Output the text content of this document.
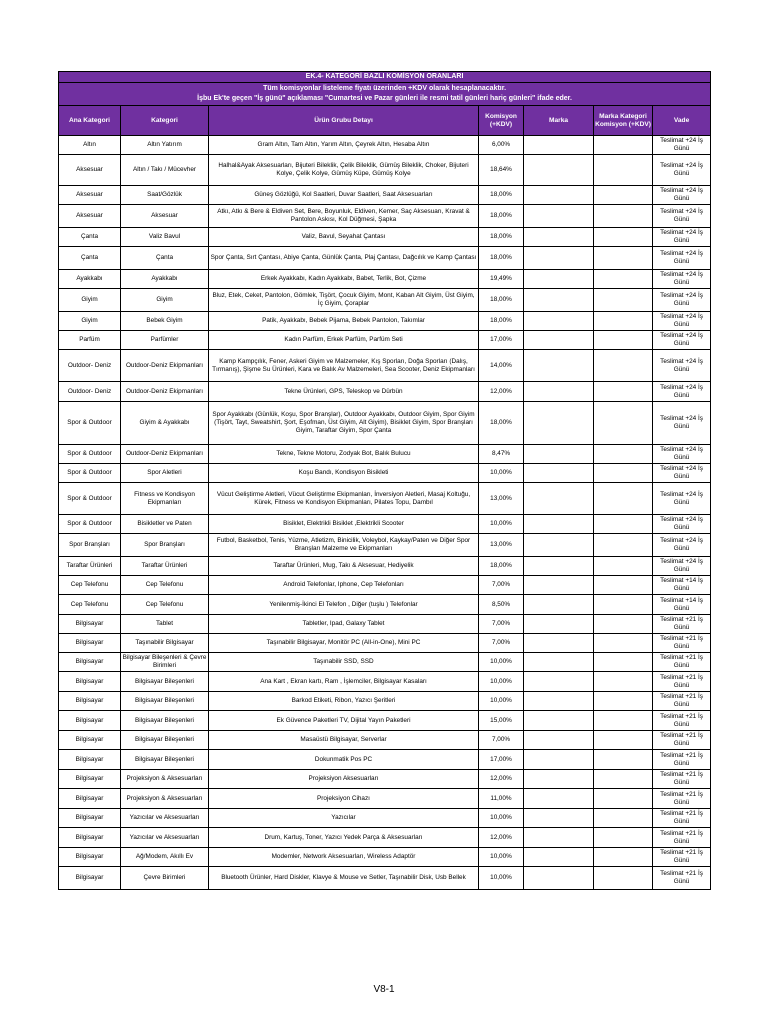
EK.4- KATEGORİ BAZLI KOMİSYON ORANLARI						

Tüm komisyonlar listeleme fiyatı üzerinden +KDV olarak hesaplanacaktır.
İşbu Ek'te geçen "İş günü" açıklaması "Cumartesi ve Pazar günleri ile resmi tatil günleri hariç günleri" ifade eder.						

Ana Kategori	Kategori	Ürün Grubu Detayı	Komisyon (+KDV)	Marka	Marka Kategori Komisyon (+KDV)	Vade
Altın	Altın Yatırım	Gram Altın, Tam Altın, Yarım Altın, Çeyrek Altın, Hesaba Altın	6,00%			Teslimat +24 İş Günü
Aksesuar	Altın / Takı / Mücevher	Halhal&Ayak Aksesuarları, Bijuteri Bileklik, Çelik Bileklik, Gümüş Bileklik, Choker, Bijuteri Kolye, Çelik Kolye, Gümüş Küpe, Gümüş Kolye	18,64%			Teslimat +24 İş Günü
Aksesuar	Saat/Gözlük	Güneş Gözlüğü, Kol Saatleri, Duvar Saatleri, Saat Aksesuarları	18,00%			Teslimat +24 İş Günü
Aksesuar	Aksesuar	Atkı, Atkı & Bere & Eldiven Set, Bere, Boyunluk, Eldiven, Kemer, Saç Aksesuarı, Kravat & Pantolon Askısı, Kol Düğmesi, Şapka	18,00%			Teslimat +24 İş Günü
Çanta	Valiz Bavul	Valiz, Bavul, Seyahat Çantası	18,00%			Teslimat +24 İş Günü
Çanta	Çanta	Spor Çanta, Sırt Çantası, Abiye Çanta, Günlük Çanta, Plaj Çantası, Dağcılık ve Kamp Çantası	18,00%			Teslimat +24 İş Günü
Ayakkabı	Ayakkabı	Erkek Ayakkabı, Kadın Ayakkabı, Babet, Terlik, Bot, Çizme	19,49%			Teslimat +24 İş Günü
Giyim	Giyim	Bluz, Etek, Ceket, Pantolon, Gömlek, Tişört, Çocuk Giyim, Mont, Kaban Alt Giyim, Üst Giyim, İç Giyim, Çoraplar	18,00%			Teslimat +24 İş Günü
Giyim	Bebek Giyim	Patik, Ayakkabı, Bebek Pijama, Bebek Pantolon, Takımlar	18,00%			Teslimat +24 İş Günü
Parfüm	Parfümler	Kadın Parfüm, Erkek Parfüm, Parfüm Seti	17,00%			Teslimat +24 İş Günü
Outdoor- Deniz	Outdoor-Deniz Ekipmanları	Kamp Kampçılık, Fener, Askeri Giyim ve Malzemeler, Kış Sporları, Doğa Sporları (Dalış, Tırmanış), Şişme Su Ürünleri, Kara ve Balık Av Malzemeleri, Sea Scooter, Deniz Ekipmanları	14,00%			Teslimat +24 İş Günü
Outdoor- Deniz	Outdoor-Deniz Ekipmanları	Tekne Ürünleri, GPS, Teleskop ve Dürbün	12,00%			Teslimat +24 İş Günü
Spor & Outdoor	Giyim & Ayakkabı	Spor Ayakkabı (Günlük, Koşu, Spor Branşlar), Outdoor Ayakkabı, Outdoor Giyim, Spor Giyim (Tişört, Tayt, Sweatshirt, Şort, Eşofman, Üst Giyim, Alt Giyim), Bisiklet Giyim, Spor Branşları Giyim, Taraftar Giyim, Spor Çanta	18,00%			Teslimat +24 İş Günü
Spor & Outdoor	Outdoor-Deniz Ekipmanları	Tekne, Tekne Motoru, Zodyak Bot, Balık Bulucu	8,47%			Teslimat +24 İş Günü
Spor & Outdoor	Spor Aletleri	Koşu Bandı, Kondisyon Bisikleti	10,00%			Teslimat +24 İş Günü
Spor & Outdoor	Fitness ve Kondisyon Ekipmanları	Vücut Geliştirme Aletleri, Vücut Geliştirme Ekipmanları, İnversiyon Aletleri, Masaj Koltuğu, Kürek, Fitness ve Kondisyon Ekipmanları, Pilates Topu, Dambıl	13,00%			Teslimat +24 İş Günü
Spor & Outdoor	Bisikletler ve Paten	Bisiklet, Elektrikli Bisiklet ,Elektrikli Scooter	10,00%			Teslimat +24 İş Günü
Spor Branşları	Spor Branşları	Futbol, Basketbol, Tenis, Yüzme, Atletizm, Binicilik, Voleybol, Kaykay/Paten ve Diğer Spor Branşları Malzeme ve Ekipmanları	13,00%			Teslimat +24 İş Günü
Taraftar Ürünleri	Taraftar Ürünleri	Taraftar Ürünleri, Mug, Takı & Aksesuar, Hediyelik	18,00%			Teslimat +24 İş Günü
Cep Telefonu	Cep Telefonu	Android Telefonlar, Iphone, Cep Telefonları	7,00%			Teslimat +14 İş Günü
Cep Telefonu	Cep Telefonu	Yenilenmiş-İkinci El Telefon , Diğer (tuşlu ) Telefonlar	8,50%			Teslimat +14 İş Günü
Bilgisayar	Tablet	Tabletler, Ipad, Galaxy Tablet	7,00%			Teslimat +21 İş Günü
Bilgisayar	Taşınabilir Bilgisayar	Taşınabilir Bilgisayar, Monitör PC (All-in-One), Mini PC	7,00%			Teslimat +21 İş Günü
Bilgisayar	Bilgisayar Bileşenleri & Çevre Birimleri	Taşınabilir SSD, SSD	10,00%			Teslimat +21 İş Günü
Bilgisayar	Bilgisayar Bileşenleri	Ana Kart , Ekran kartı, Ram , İşlemciler, Bilgisayar Kasaları	10,00%			Teslimat +21 İş Günü
Bilgisayar	Bilgisayar Bileşenleri	Barkod Etiketi, Ribon, Yazıcı Şeritleri	10,00%			Teslimat +21 İş Günü
Bilgisayar	Bilgisayar Bileşenleri	Ek Güvence Paketleri TV, Dijital Yayın Paketleri	15,00%			Teslimat +21 İş Günü
Bilgisayar	Bilgisayar Bileşenleri	Masaüstü Bilgisayar, Serverlar	7,00%			Teslimat +21 İş Günü
Bilgisayar	Bilgisayar Bileşenleri	Dokunmatik Pos PC	17,00%			Teslimat +21 İş Günü
Bilgisayar	Projeksiyon & Aksesuarları	Projeksiyon Aksesuarları	12,00%			Teslimat +21 İş Günü
Bilgisayar	Projeksiyon & Aksesuarları	Projeksiyon Cihazı	11,00%			Teslimat +21 İş Günü
Bilgisayar	Yazıcılar ve Aksesuarları	Yazıcılar	10,00%			Teslimat +21 İş Günü
Bilgisayar	Yazıcılar ve Aksesuarları	Drum, Kartuş, Toner, Yazıcı Yedek Parça & Aksesuarları	12,00%			Teslimat +21 İş Günü
Bilgisayar	Ağ/Modem, Akıllı Ev	Modemler, Network Aksesuarları, Wireless Adaptör	10,00%			Teslimat +21 İş Günü
Bilgisayar	Çevre Birimleri	Bluetooth Ürünler, Hard Diskler, Klavye & Mouse ve Setler, Taşınabilir Disk, Usb Bellek	10,00%			Teslimat +21 İş Günü
V8-1
